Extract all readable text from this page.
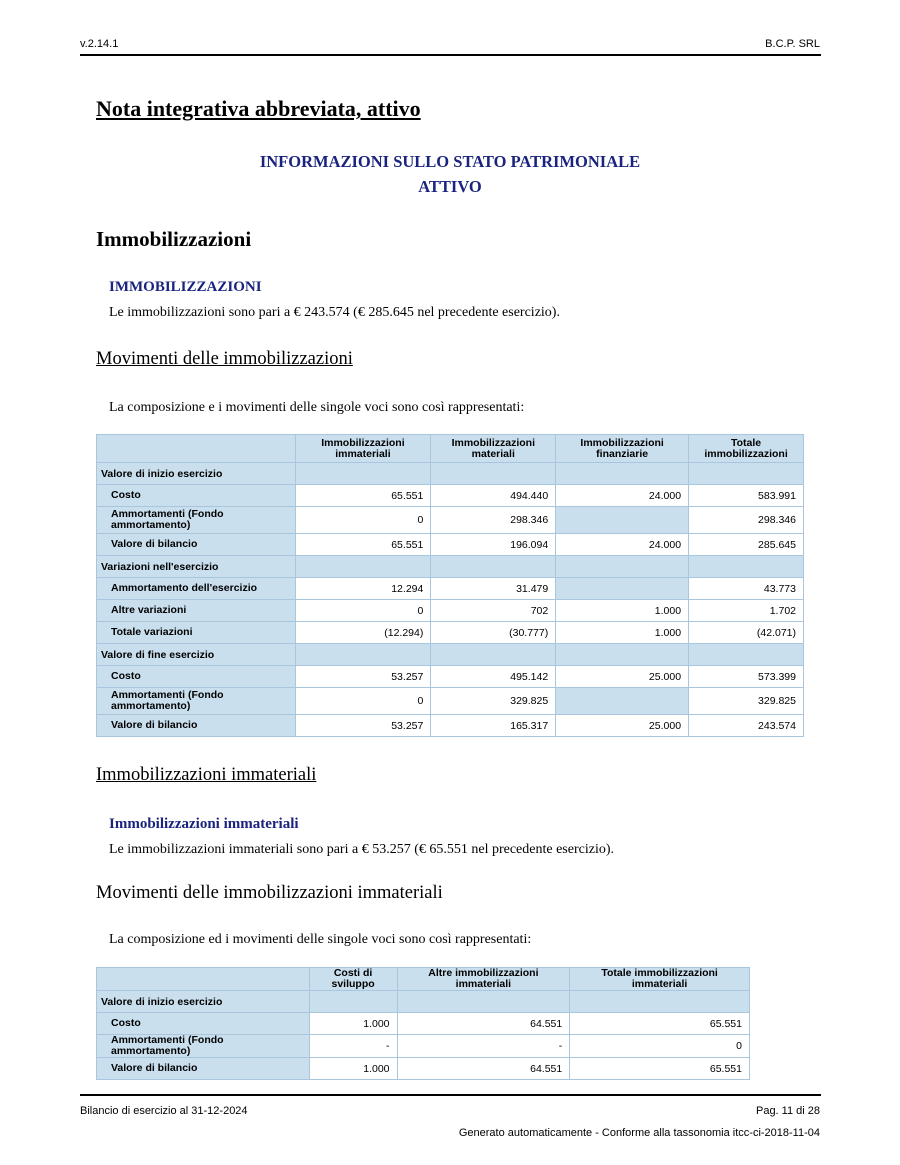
v.2.14.1	B.C.P. SRL
Nota integrativa abbreviata, attivo
INFORMAZIONI SULLO STATO PATRIMONIALE
ATTIVO
Immobilizzazioni
IMMOBILIZZAZIONI
Le immobilizzazioni sono pari a € 243.574 (€ 285.645 nel precedente esercizio).
Movimenti delle immobilizzazioni
La composizione e i movimenti delle singole voci sono così rappresentati:
	Immobilizzazioni immateriali	Immobilizzazioni materiali	Immobilizzazioni finanziarie	Totale immobilizzazioni
Valore di inizio esercizio				
Costo	65.551	494.440	24.000	583.991
Ammortamenti (Fondo ammortamento)	0	298.346		298.346
Valore di bilancio	65.551	196.094	24.000	285.645
Variazioni nell'esercizio				
Ammortamento dell'esercizio	12.294	31.479		43.773
Altre variazioni	0	702	1.000	1.702
Totale variazioni	(12.294)	(30.777)	1.000	(42.071)
Valore di fine esercizio				
Costo	53.257	495.142	25.000	573.399
Ammortamenti (Fondo ammortamento)	0	329.825		329.825
Valore di bilancio	53.257	165.317	25.000	243.574
Immobilizzazioni immateriali
Immobilizzazioni immateriali
Le immobilizzazioni immateriali sono pari a € 53.257 (€ 65.551 nel precedente esercizio).
Movimenti delle immobilizzazioni immateriali
La composizione ed i movimenti delle singole voci sono così rappresentati:
	Costi di sviluppo	Altre immobilizzazioni immateriali	Totale immobilizzazioni immateriali
Valore di inizio esercizio			
Costo	1.000	64.551	65.551
Ammortamenti (Fondo ammortamento)	-	-	0
Valore di bilancio	1.000	64.551	65.551
Bilancio di esercizio al 31-12-2024	Pag. 11 di 28
Generato automaticamente - Conforme alla tassonomia itcc-ci-2018-11-04
